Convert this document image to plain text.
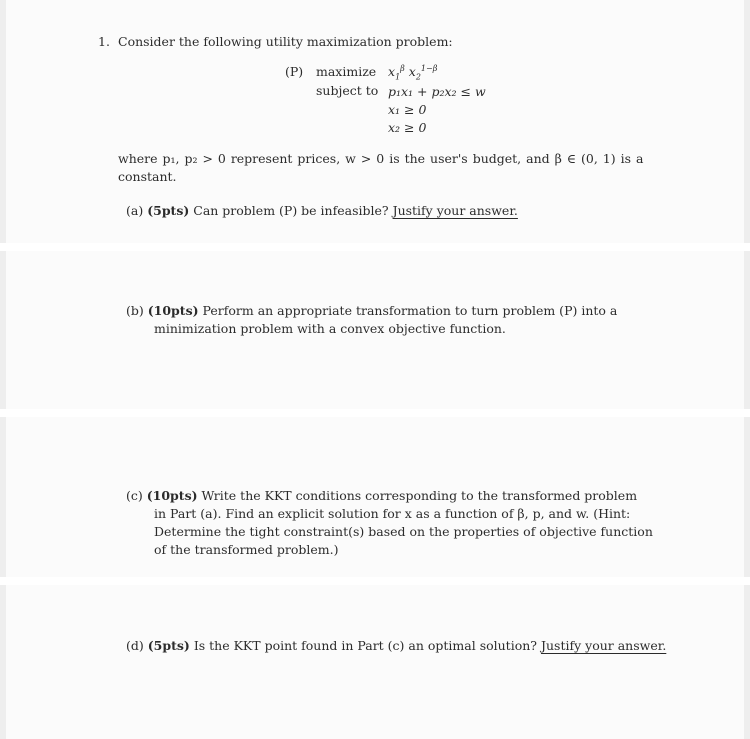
1. Consider the following utility maximization problem:
(P) maximize $x_1^\beta$ $x_2^{1-\beta}$
subject to p₁x₁ + p₂x₂ ≤ w
x₁ ≥ 0
x₂ ≥ 0
where p₁, p₂ > 0 represent prices, w > 0 is the user's budget, and β ∈ (0, 1) is a
constant.
(a) (5pts) Can problem (P) be infeasible? Justify your answer.
(b) (10pts) Perform an appropriate transformation to turn problem (P) into a
minimization problem with a convex objective function.
(c) (10pts) Write the KKT conditions corresponding to the transformed problem
in Part (a). Find an explicit solution for x as a function of β, p, and w. (Hint:
Determine the tight constraint(s) based on the properties of objective function
of the transformed problem.)
(d) (5pts) Is the KKT point found in Part (c) an optimal solution? Justify your answer.
